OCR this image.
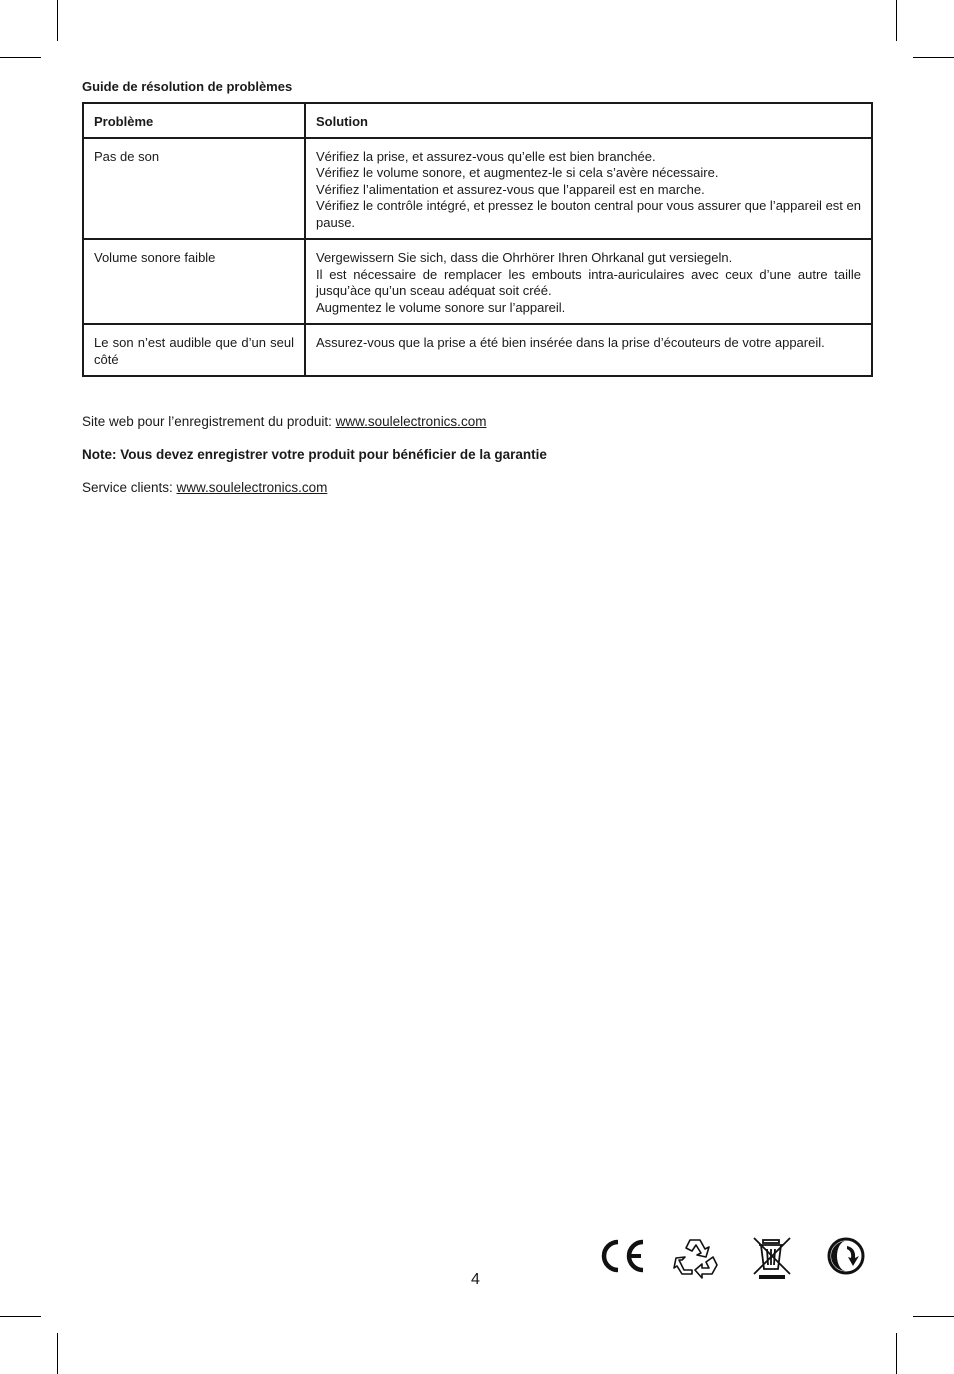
Guide de résolution de problèmes
Problème	Solution
Pas de son	Vérifiez la prise, et assurez-vous qu’elle est bien branchée.
Vérifiez le volume sonore, et augmentez-le si cela s’avère nécessaire.
Vérifiez l’alimentation et assurez-vous que l’appareil est en marche.
Vérifiez le contrôle intégré, et pressez le bouton central pour vous assurer que l’appareil est en pause.

Volume sonore faible	Vergewissern Sie sich, dass die Ohrhörer Ihren Ohrkanal gut versiegeln.
Il est nécessaire de remplacer les embouts intra-auriculaires avec ceux d’une autre taille jusqu’àce qu’un sceau adéquat soit créé.
Augmentez le volume sonore sur l’appareil.

Le son n’est audible que d’un seul côté	Assurez-vous que la prise a été bien insérée dans la prise d’écouteurs de votre appareil.

Site web pour l’enregistrement du produit: www.soulelectronics.com

Note: Vous devez enregistrer votre produit pour bénéficier de la garantie

Service clients: www.soulelectronics.com

4
